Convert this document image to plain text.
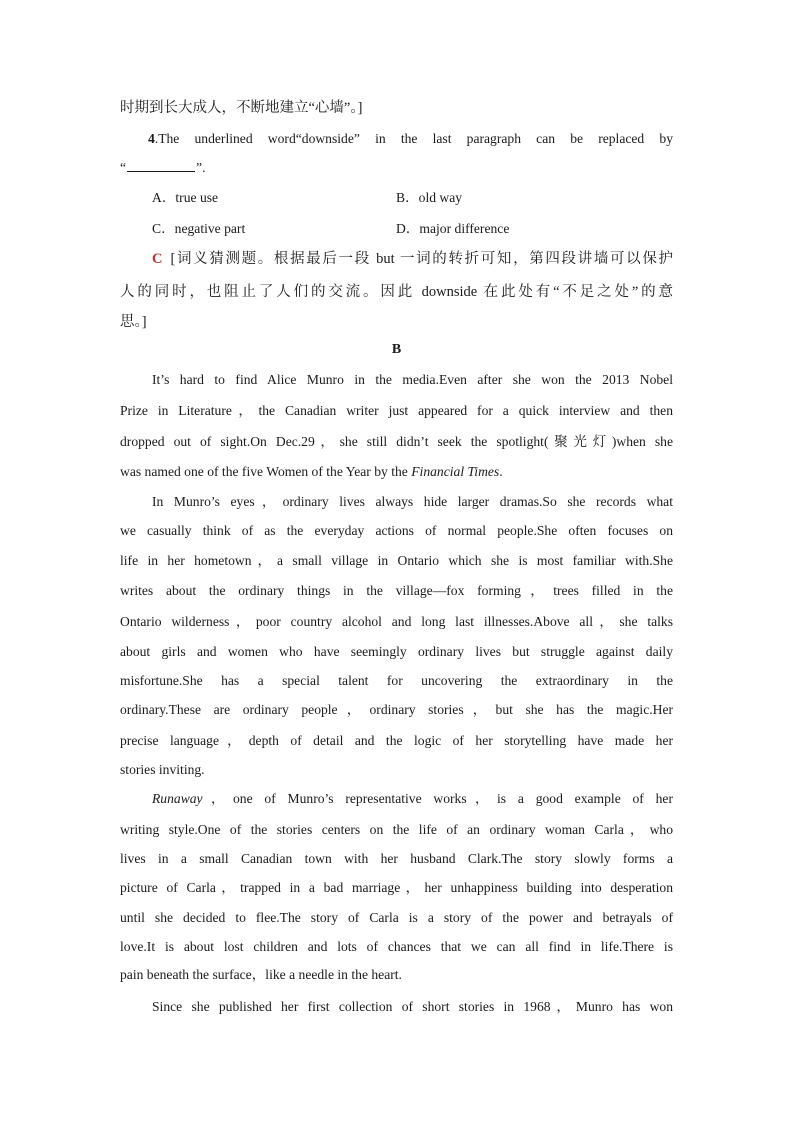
时期到长大成人，不断地建立“心墙”。]
4.The underlined word“downside” in the last paragraph can be replaced by
“	”.
A．true use	B．old way
C．negative part	D．major difference
C [词义猜测题。根据最后一段 but 一词的转折可知，第四段讲墙可以保护
人的同时，也阻止了人们的交流。因此 downside 在此处有“不足之处”的意
思。]
B
It’s hard to find Alice Munro in the media.Even after she won the 2013 Nobel
Prize in Literature，the Canadian writer just appeared for a quick interview and then
dropped out of sight.On Dec.29，she still didn’t seek the spotlight(聚光灯)when she
was named one of the five Women of the Year by the Financial Times.
In Munro’s eyes，ordinary lives always hide larger dramas.So she records what
we casually think of as the everyday actions of normal people.She often focuses on
life in her hometown，a small village in Ontario which she is most familiar with.She
writes about the ordinary things in the village—fox forming，trees filled in the
Ontario wilderness，poor country alcohol and long last illnesses.Above all，she talks
about girls and women who have seemingly ordinary lives but struggle against daily
misfortune.She has a special talent for uncovering the extraordinary in the
ordinary.These are ordinary people，ordinary stories，but she has the magic.Her
precise language，depth of detail and the logic of her storytelling have made her
stories inviting.
Runaway，one of Munro’s representative works，is a good example of her
writing style.One of the stories centers on the life of an ordinary woman Carla，who
lives in a small Canadian town with her husband Clark.The story slowly forms a
picture of Carla，trapped in a bad marriage，her unhappiness building into desperation
until she decided to flee.The story of Carla is a story of the power and betrayals of
love.It is about lost children and lots of chances that we can all find in life.There is
pain beneath the surface，like a needle in the heart.
Since she published her first collection of short stories in 1968，Munro has won
